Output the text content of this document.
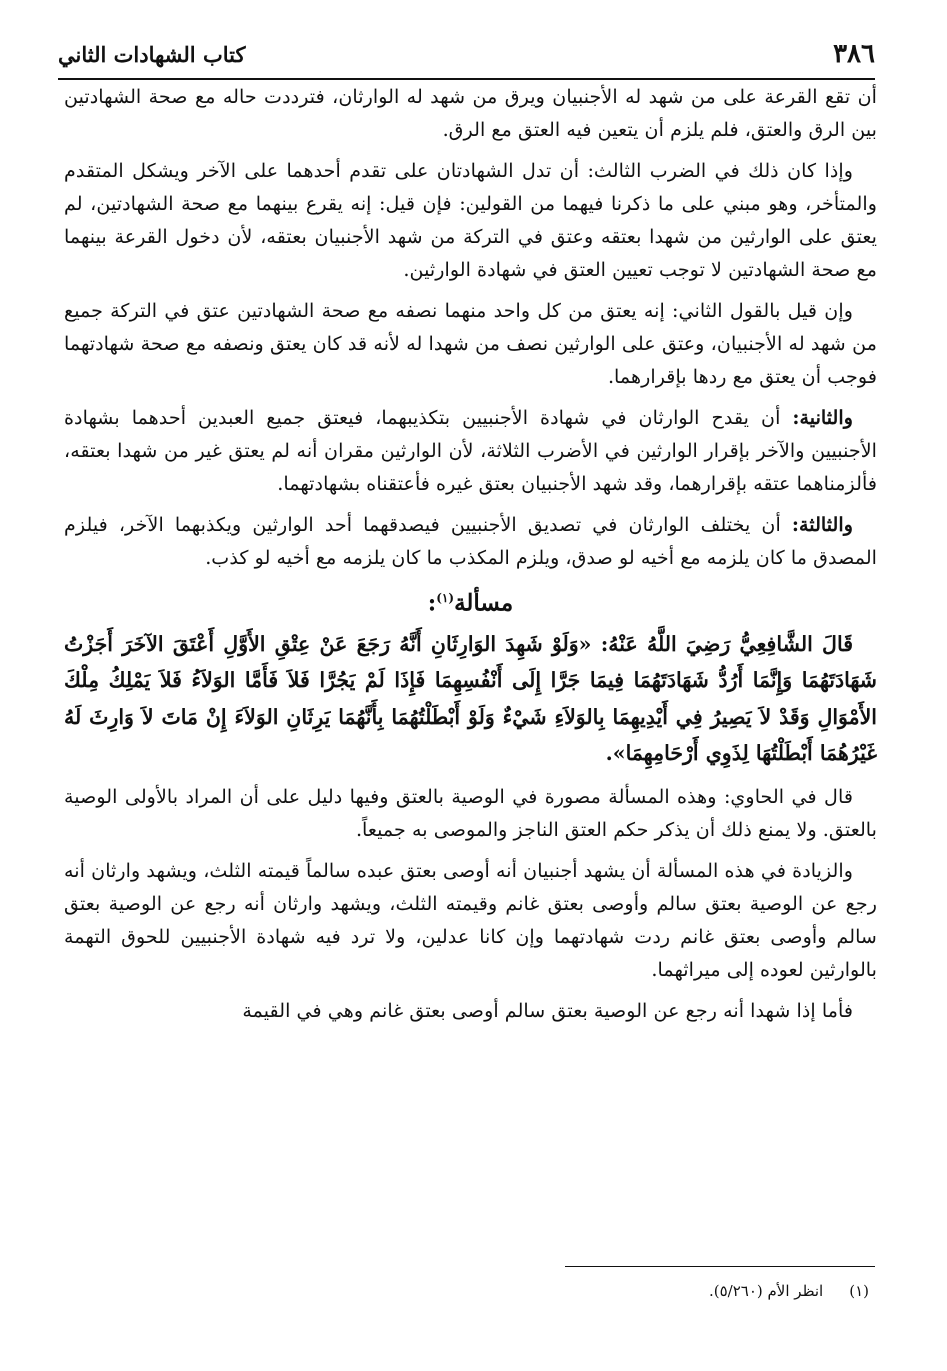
٣٨٦
كتاب الشهادات الثاني

أن تقع القرعة على من شهد له الأجنبيان ويرق من شهد له الوارثان، فترددت حاله مع صحة الشهادتين بين الرق والعتق، فلم يلزم أن يتعين فيه العتق مع الرق.

وإذا كان ذلك في الضرب الثالث: أن تدل الشهادتان على تقدم أحدهما على الآخر ويشكل المتقدم والمتأخر، وهو مبني على ما ذكرنا فيهما من القولين: فإن قيل: إنه يقرع بينهما مع صحة الشهادتين، لم يعتق على الوارثين من شهدا بعتقه وعتق في التركة من شهد الأجنبيان بعتقه، لأن دخول القرعة بينهما مع صحة الشهادتين لا توجب تعيين العتق في شهادة الوارثين.

وإن قيل بالقول الثاني: إنه يعتق من كل واحد منهما نصفه مع صحة الشهادتين عتق في التركة جميع من شهد له الأجنبيان، وعتق على الوارثين نصف من شهدا له لأنه قد كان يعتق ونصفه مع صحة شهادتهما فوجب أن يعتق مع ردها بإقرارهما.

والثانية: أن يقدح الوارثان في شهادة الأجنبيين بتكذيبهما، فيعتق جميع العبدين أحدهما بشهادة الأجنبيين والآخر بإقرار الوارثين في الأضرب الثلاثة، لأن الوارثين مقران أنه لم يعتق غير من شهدا بعتقه، فألزمناهما عتقه بإقرارهما، وقد شهد الأجنبيان بعتق غيره فأعتقناه بشهادتهما.

والثالثة: أن يختلف الوارثان في تصديق الأجنبيين فيصدقهما أحد الوارثين ويكذبهما الآخر، فيلزم المصدق ما كان يلزمه مع أخيه لو صدق، ويلزم المكذب ما كان يلزمه مع أخيه لو كذب.

مسألة$^{(١)}$:

قَالَ الشَّافِعِيُّ رَضِيَ اللَّهُ عَنْهُ: «وَلَوْ شَهِدَ الوَارِثَانِ أَنَّهُ رَجَعَ عَنْ عِتْقِ الأَوَّلِ أَعْتَقَ الآخَرَ أَجَزْتُ شَهَادَتَهُمَا وَإِنَّمَا أَرُدُّ شَهَادَتَهُمَا فِيمَا جَرَّا إِلَى أَنْفُسِهِمَا فَإِذَا لَمْ يَجُرَّا فَلاَ فَأَمَّا الوَلاَءُ فَلاَ يَمْلِكُ مِلْكَ الأَمْوَالِ وَقَدْ لاَ يَصِيرُ فِي أَيْدِيهِمَا بِالوَلاَءِ شَيْءٌ وَلَوْ أَبْطَلْتُهُمَا بِأَنَّهُمَا يَرِثَانِ الوَلاَءَ إِنْ مَاتَ لاَ وَارِثَ لَهُ غَيْرُهُمَا أَبْطَلْتُهَا لِذَوِي أَرْحَامِهِمَا».

قال في الحاوي: وهذه المسألة مصورة في الوصية بالعتق وفيها دليل على أن المراد بالأولى الوصية بالعتق. ولا يمنع ذلك أن يذكر حكم العتق الناجز والموصى به جميعاً.

والزيادة في هذه المسألة أن يشهد أجنبيان أنه أوصى بعتق عبده سالماً قيمته الثلث، ويشهد وارثان أنه رجع عن الوصية بعتق سالم وأوصى بعتق غانم وقيمته الثلث، ويشهد وارثان أنه رجع عن الوصية بعتق سالم وأوصى بعتق غانم ردت شهادتهما وإن كانا عدلين، ولا ترد فيه شهادة الأجنبيين للحوق التهمة بالوارثين لعوده إلى ميراثهما.

فأما إذا شهدا أنه رجع عن الوصية بعتق سالم أوصى بعتق غانم وهي في القيمة

(١)
انظر الأم (٥/٢٦٠).
